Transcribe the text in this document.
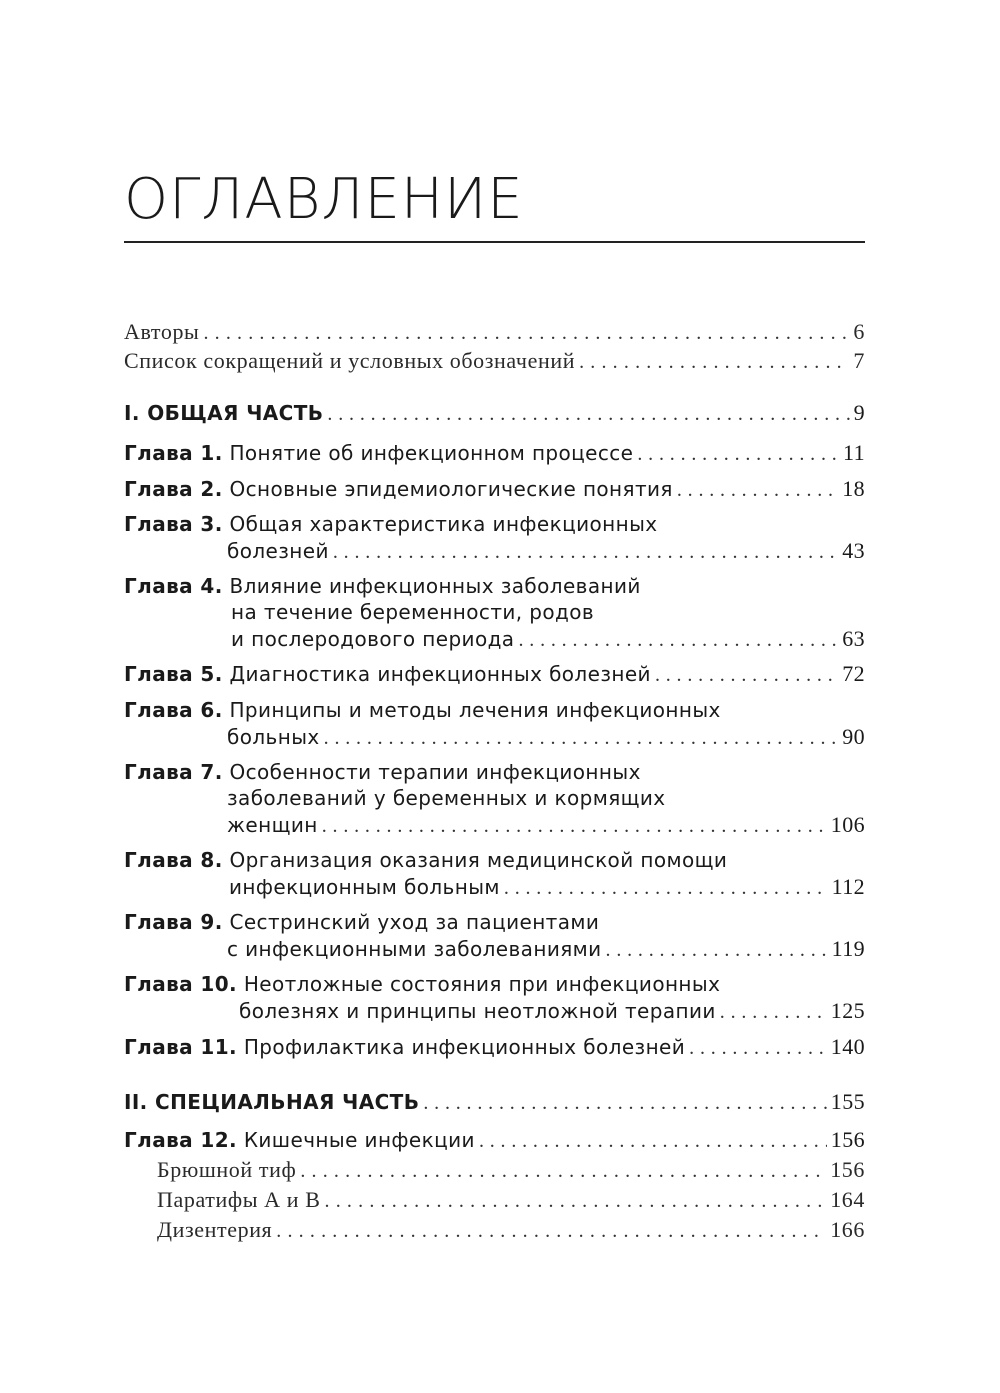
ОГЛАВЛЕНИЕ
Авторы . . .	6
Список сокращений и условных обозначений . . .	7
I. ОБЩАЯ ЧАСТЬ . . .	9
Глава 1. Понятие об инфекционном процессе . . .	11
Глава 2. Основные эпидемиологические понятия . . .	18
Глава 3. Общая характеристика инфекционных
болезней . . .	43
Глава 4. Влияние инфекционных заболеваний
на течение беременности, родов
и послеродового периода . . .	63
Глава 5. Диагностика инфекционных болезней . . .	72
Глава 6. Принципы и методы лечения инфекционных
больных . . .	90
Глава 7. Особенности терапии инфекционных
заболеваний у беременных и кормящих
женщин . . .	106
Глава 8. Организация оказания медицинской помощи
инфекционным больным . . .	112
Глава 9. Сестринский уход за пациентами
с инфекционными заболеваниями . . .	119
Глава 10. Неотложные состояния при инфекционных
болезнях и принципы неотложной терапии . . .	125
Глава 11. Профилактика инфекционных болезней . . .	140
II. СПЕЦИАЛЬНАЯ ЧАСТЬ . . .	155
Глава 12. Кишечные инфекции . . .	156
Брюшной тиф . . .	156
Паратифы А и В . . .	164
Дизентерия . . .	166
